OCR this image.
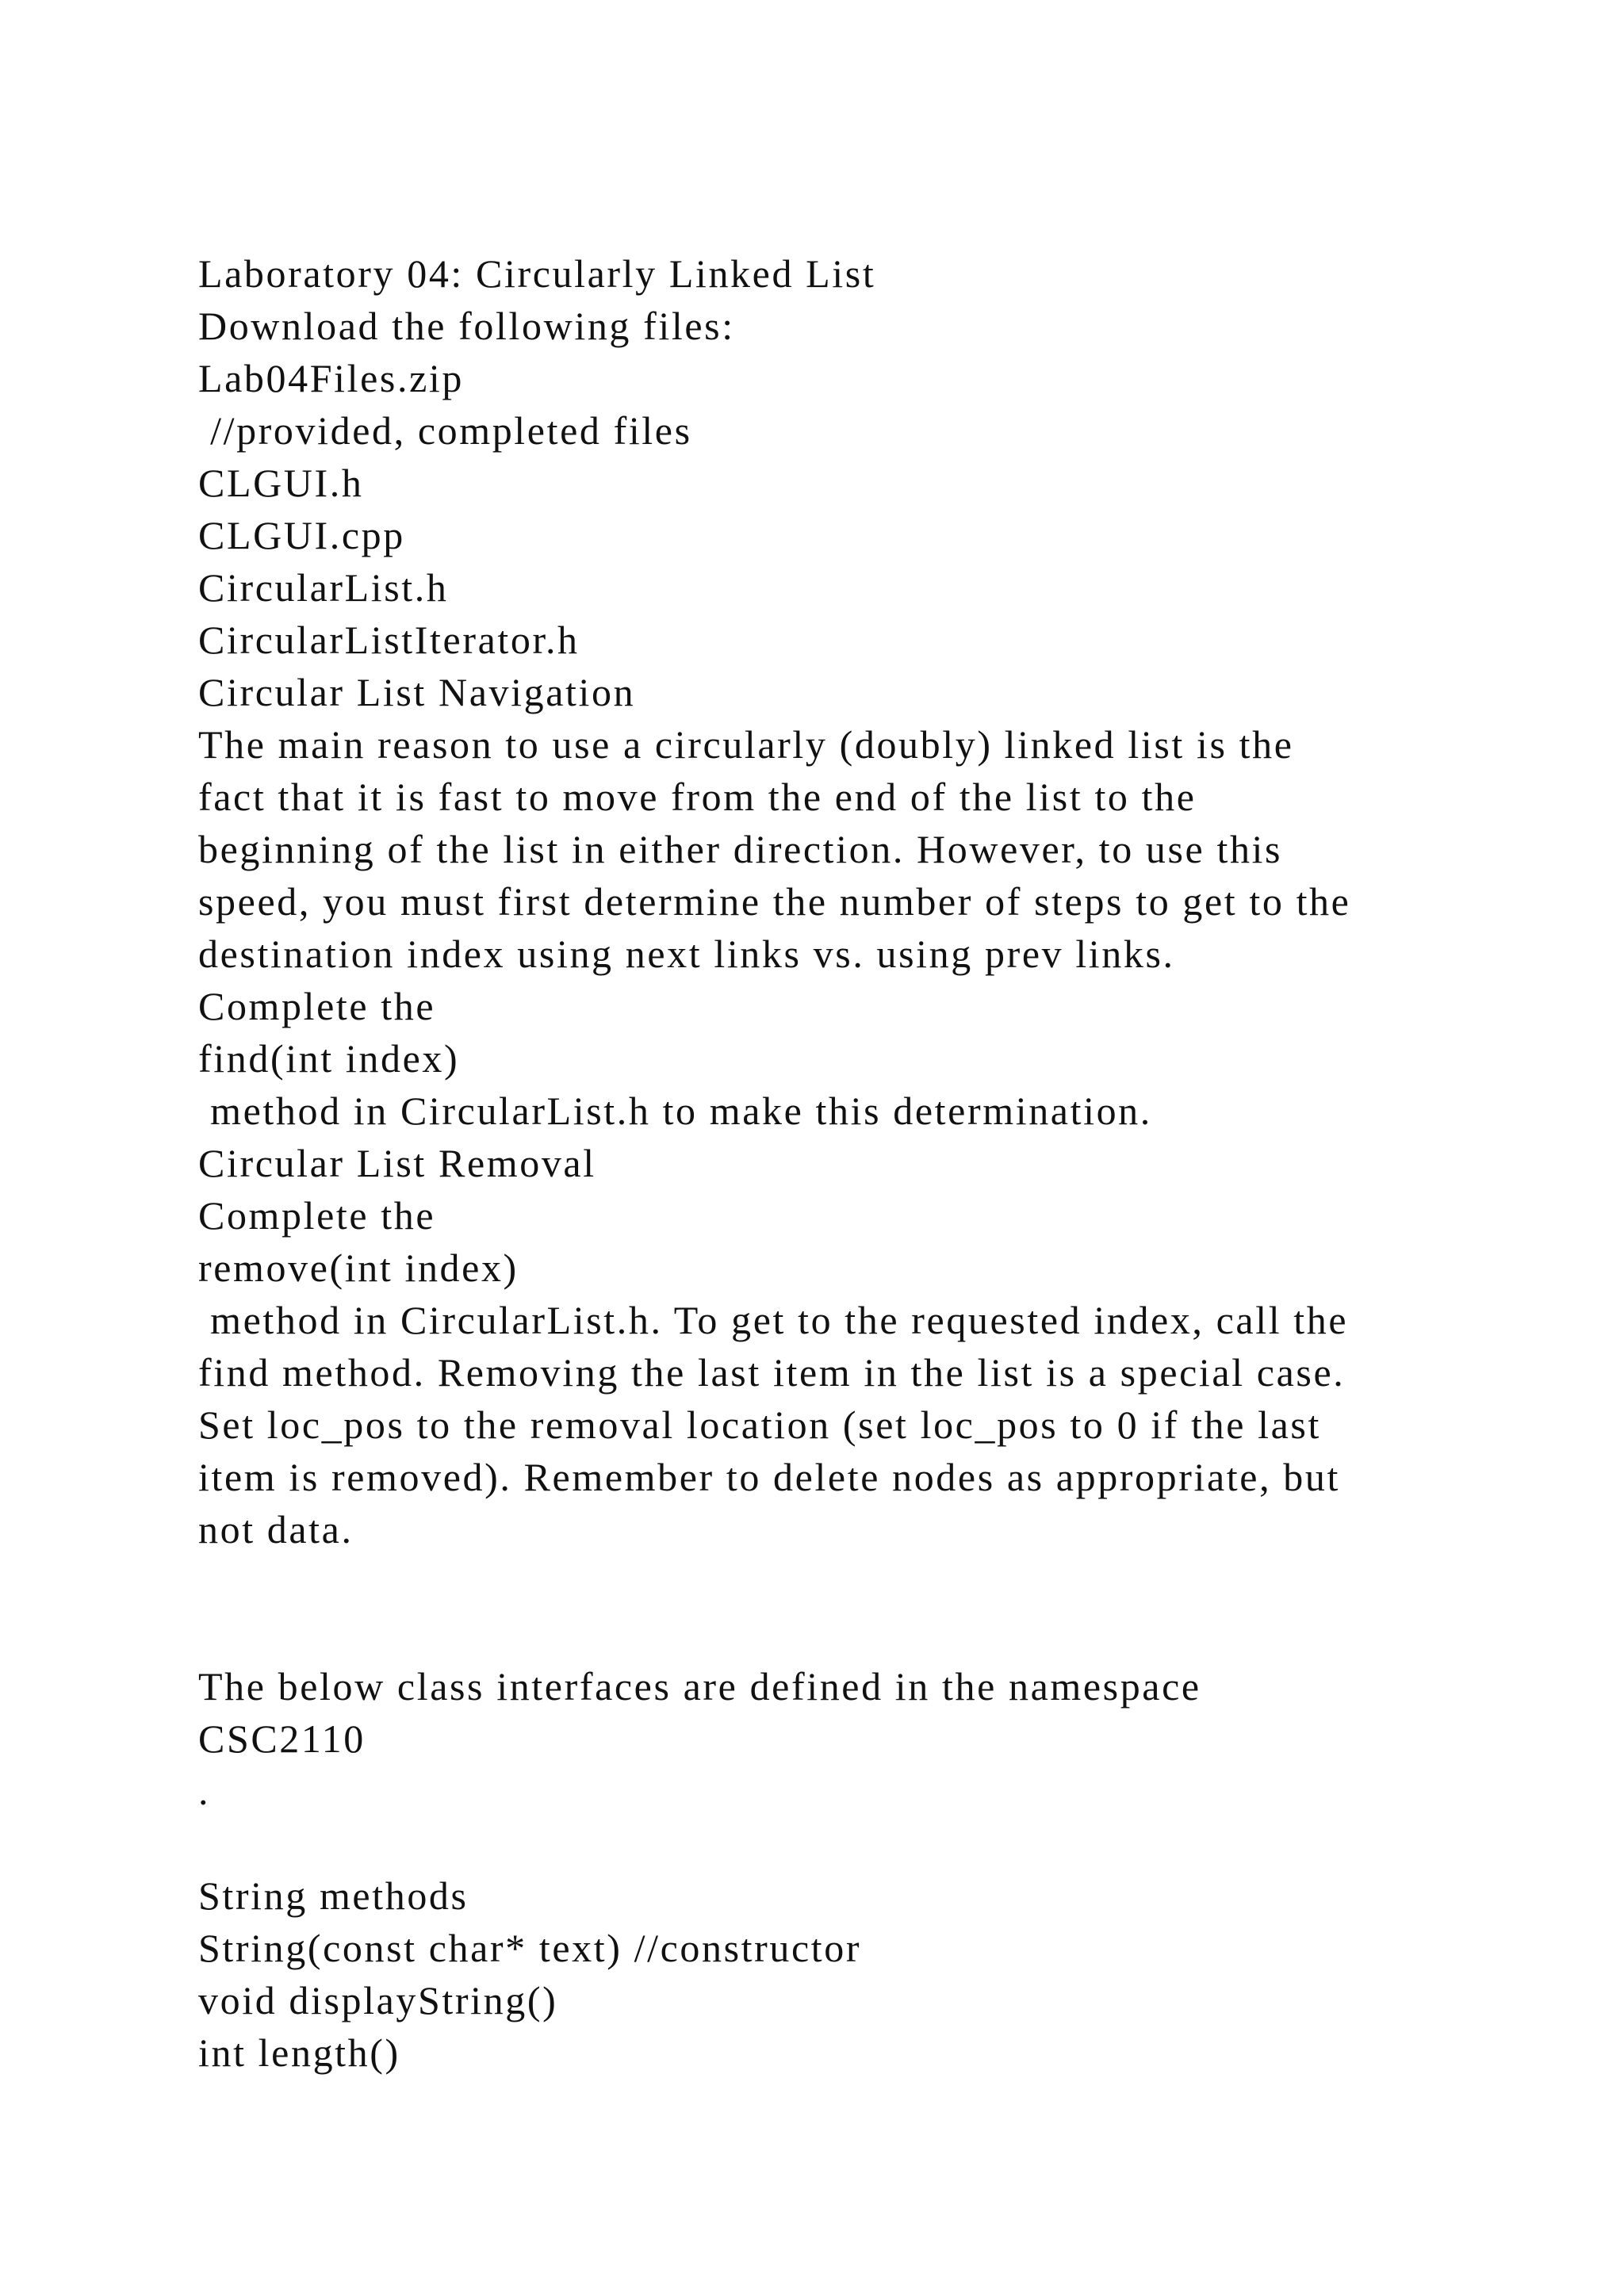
Laboratory 04: Circularly Linked List
Download the following files:
Lab04Files.zip
//provided, completed files
CLGUI.h
CLGUI.cpp
CircularList.h
CircularListIterator.h
Circular List Navigation
The main reason to use a circularly (doubly) linked list is the
fact that it is fast to move from the end of the list to the
beginning of the list in either direction. However, to use this
speed, you must first determine the number of steps to get to the
destination index using next links vs. using prev links.
Complete the
find(int index)
method in CircularList.h to make this determination.
Circular List Removal
Complete the
remove(int index)
method in CircularList.h. To get to the requested index, call the
find method. Removing the last item in the list is a special case.
Set loc_pos to the removal location (set loc_pos to 0 if the last
item is removed). Remember to delete nodes as appropriate, but
not data.
The below class interfaces are defined in the namespace
CSC2110
.
String methods
String(const char* text) //constructor
void displayString()
int length()
